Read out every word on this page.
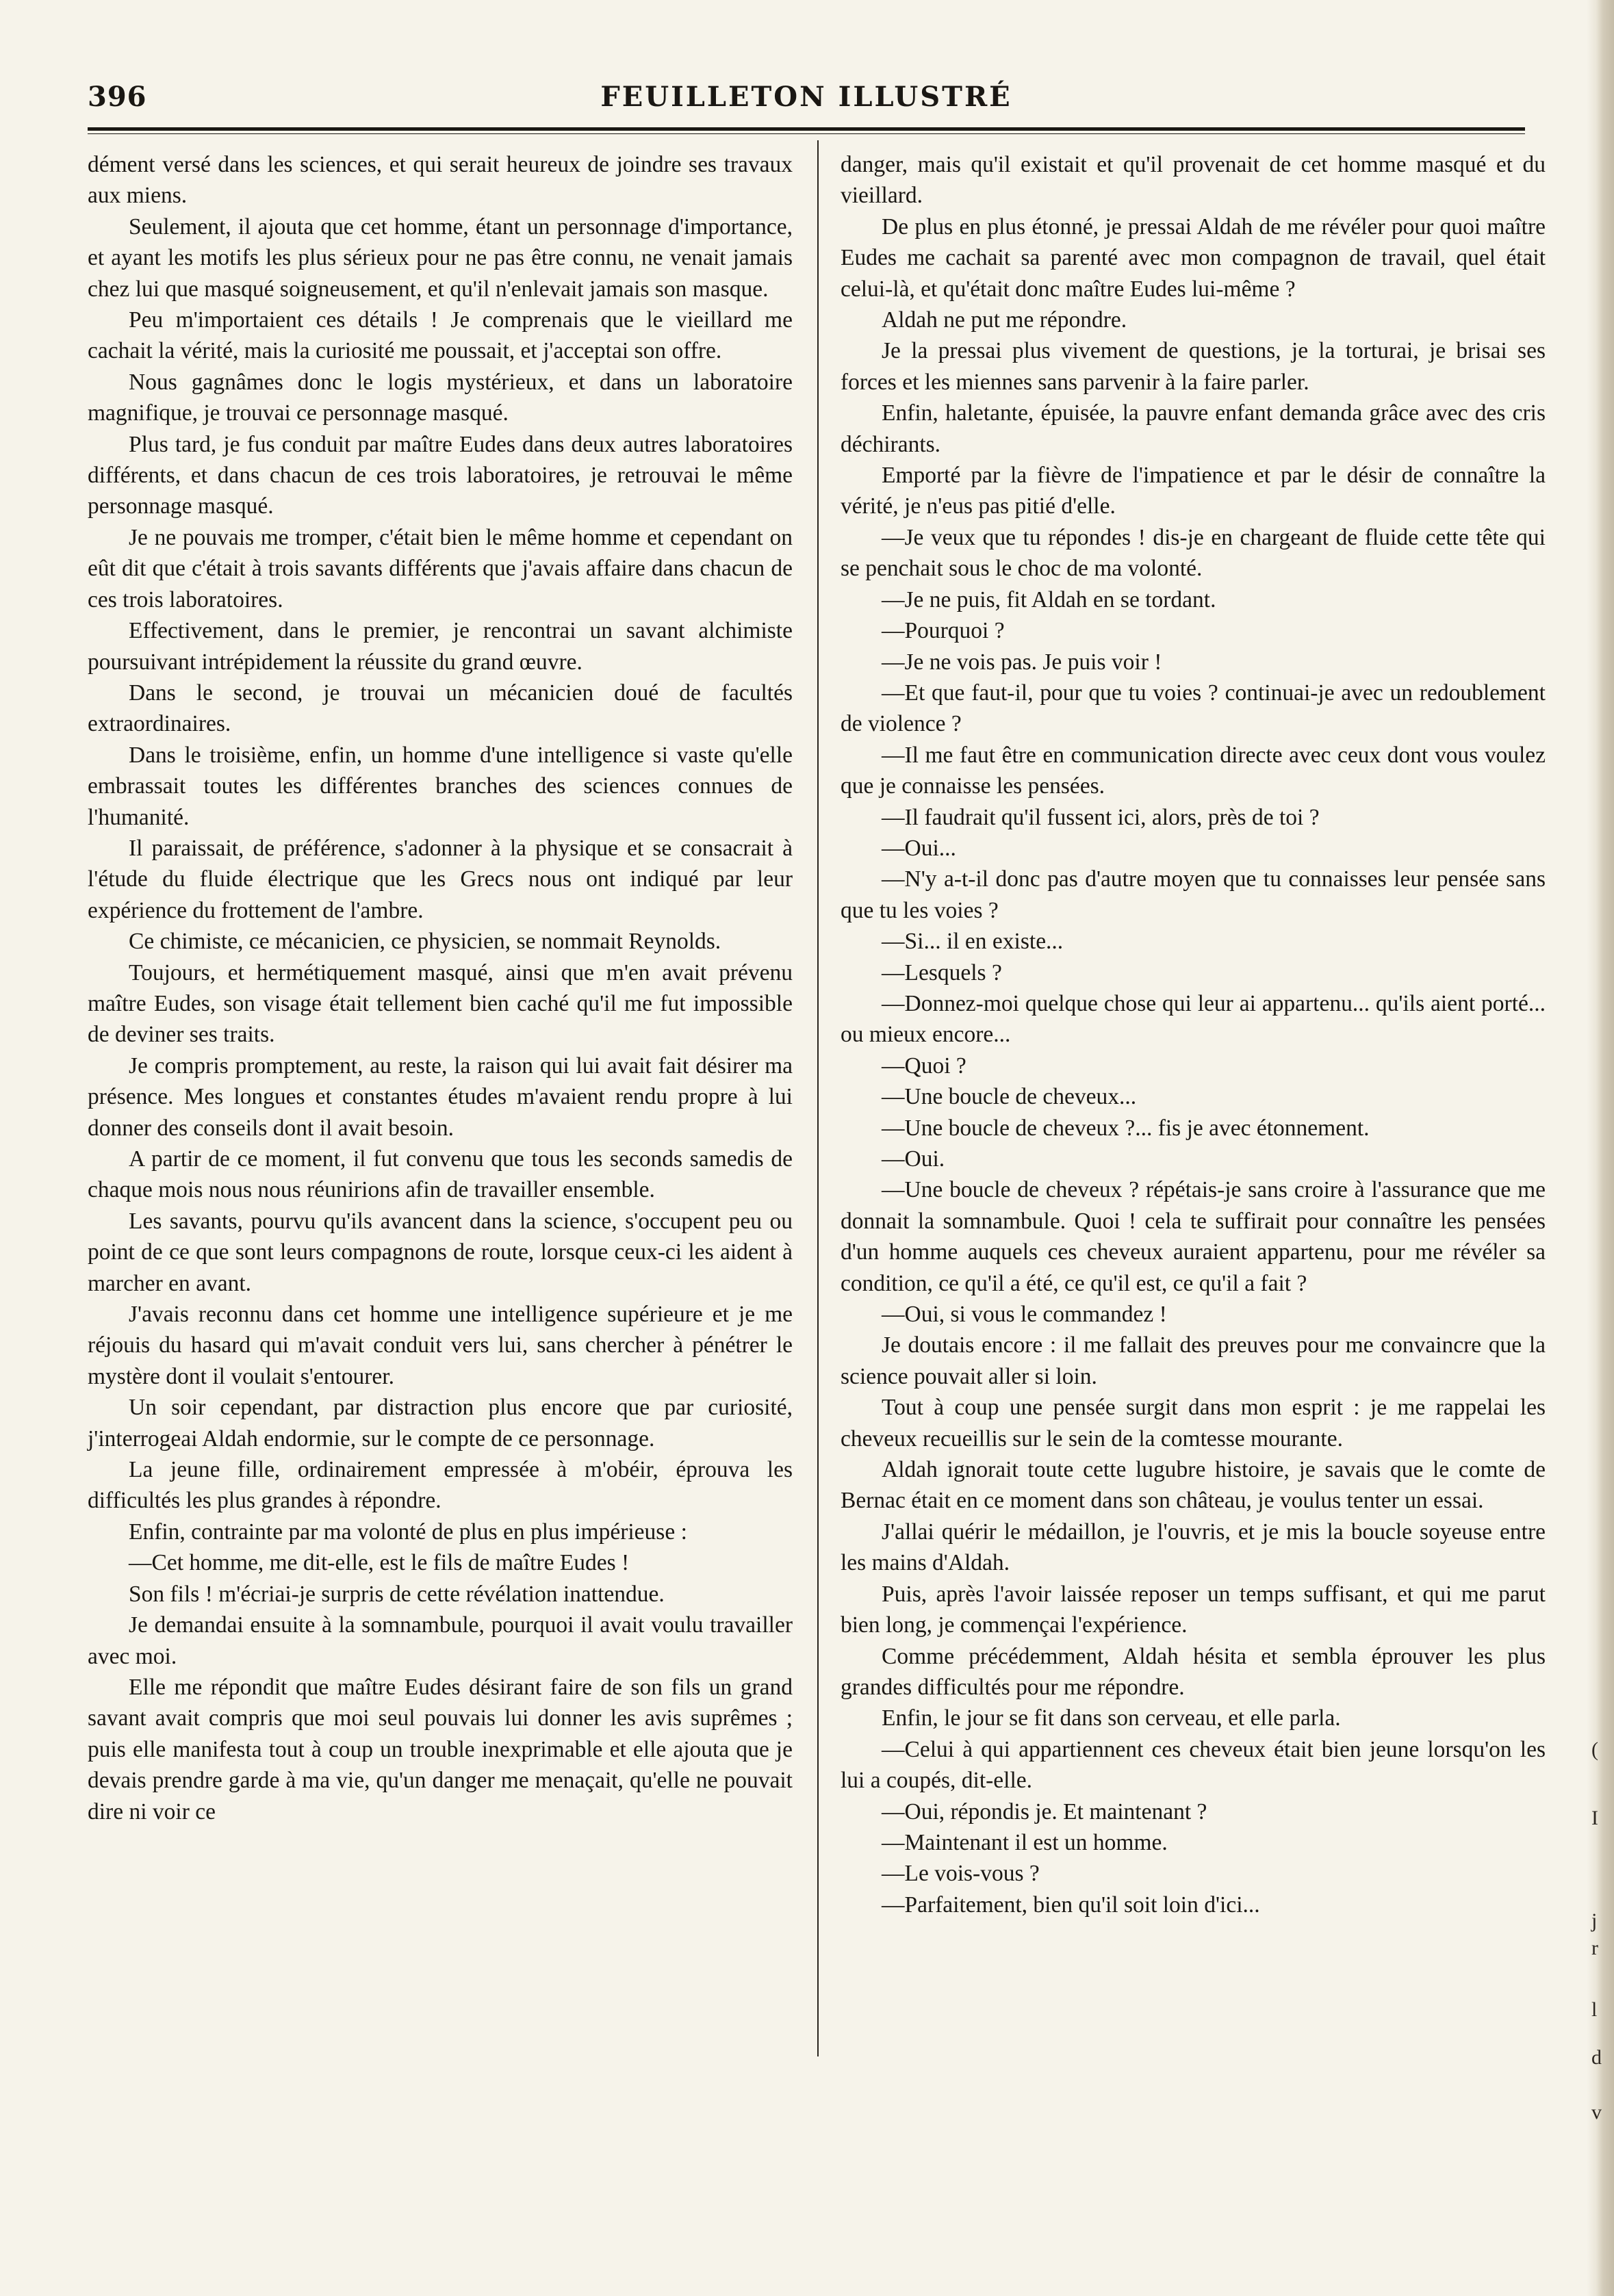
396	FEUILLETON ILLUSTRÉ

dément versé dans les sciences, et qui serait heureux de joindre ses travaux aux miens.

Seulement, il ajouta que cet homme, étant un personnage d'importance, et ayant les motifs les plus sérieux pour ne pas être connu, ne venait jamais chez lui que masqué soigneusement, et qu'il n'enlevait jamais son masque.

Peu m'importaient ces détails ! Je comprenais que le vieillard me cachait la vérité, mais la curiosité me poussait, et j'acceptai son offre.

Nous gagnâmes donc le logis mystérieux, et dans un laboratoire magnifique, je trouvai ce personnage masqué.

Plus tard, je fus conduit par maître Eudes dans deux autres laboratoires différents, et dans chacun de ces trois laboratoires, je retrouvai le même personnage masqué.

Je ne pouvais me tromper, c'était bien le même homme et cependant on eût dit que c'était à trois savants différents que j'avais affaire dans chacun de ces trois laboratoires.

Effectivement, dans le premier, je rencontrai un savant alchimiste poursuivant intrépidement la réussite du grand œuvre.

Dans le second, je trouvai un mécanicien doué de facultés extraordinaires.

Dans le troisième, enfin, un homme d'une intelligence si vaste qu'elle embrassait toutes les différentes branches des sciences connues de l'humanité.

Il paraissait, de préférence, s'adonner à la physique et se consacrait à l'étude du fluide électrique que les Grecs nous ont indiqué par leur expérience du frottement de l'ambre.

Ce chimiste, ce mécanicien, ce physicien, se nommait Reynolds.

Toujours, et hermétiquement masqué, ainsi que m'en avait prévenu maître Eudes, son visage était tellement bien caché qu'il me fut impossible de deviner ses traits.

Je compris promptement, au reste, la raison qui lui avait fait désirer ma présence. Mes longues et constantes études m'avaient rendu propre à lui donner des conseils dont il avait besoin.

A partir de ce moment, il fut convenu que tous les seconds samedis de chaque mois nous nous réunirions afin de travailler ensemble.

Les savants, pourvu qu'ils avancent dans la science, s'occupent peu ou point de ce que sont leurs compagnons de route, lorsque ceux-ci les aident à marcher en avant.

J'avais reconnu dans cet homme une intelligence supérieure et je me réjouis du hasard qui m'avait conduit vers lui, sans chercher à pénétrer le mystère dont il voulait s'entourer.

Un soir cependant, par distraction plus encore que par curiosité, j'interrogeai Aldah endormie, sur le compte de ce personnage.

La jeune fille, ordinairement empressée à m'obéir, éprouva les difficultés les plus grandes à répondre.

Enfin, contrainte par ma volonté de plus en plus impérieuse :

—Cet homme, me dit-elle, est le fils de maître Eudes !

Son fils ! m'écriai-je surpris de cette révélation inattendue.

Je demandai ensuite à la somnambule, pourquoi il avait voulu travailler avec moi.

Elle me répondit que maître Eudes désirant faire de son fils un grand savant avait compris que moi seul pouvais lui donner les avis suprêmes ; puis elle manifesta tout à coup un trouble inexprimable et elle ajouta que je devais prendre garde à ma vie, qu'un danger me menaçait, qu'elle ne pouvait dire ni voir ce

danger, mais qu'il existait et qu'il provenait de cet homme masqué et du vieillard.

De plus en plus étonné, je pressai Aldah de me révéler pour quoi maître Eudes me cachait sa parenté avec mon compagnon de travail, quel était celui-là, et qu'était donc maître Eudes lui-même ?

Aldah ne put me répondre.

Je la pressai plus vivement de questions, je la torturai, je brisai ses forces et les miennes sans parvenir à la faire parler.

Enfin, haletante, épuisée, la pauvre enfant demanda grâce avec des cris déchirants.

Emporté par la fièvre de l'impatience et par le désir de connaître la vérité, je n'eus pas pitié d'elle.

—Je veux que tu répondes ! dis-je en chargeant de fluide cette tête qui se penchait sous le choc de ma volonté.

—Je ne puis, fit Aldah en se tordant.

—Pourquoi ?

—Je ne vois pas. Je puis voir !

—Et que faut-il, pour que tu voies ? continuai-je avec un redoublement de violence ?

—Il me faut être en communication directe avec ceux dont vous voulez que je connaisse les pensées.

—Il faudrait qu'il fussent ici, alors, près de toi ?

—Oui...

—N'y a-t-il donc pas d'autre moyen que tu connaisses leur pensée sans que tu les voies ?

—Si... il en existe...

—Lesquels ?

—Donnez-moi quelque chose qui leur ai appartenu... qu'ils aient porté... ou mieux encore...

—Quoi ?

—Une boucle de cheveux...

—Une boucle de cheveux ?... fis je avec étonnement.

—Oui.

—Une boucle de cheveux ? répétais-je sans croire à l'assurance que me donnait la somnambule. Quoi ! cela te suffirait pour connaître les pensées d'un homme auquels ces cheveux auraient appartenu, pour me révéler sa condition, ce qu'il a été, ce qu'il est, ce qu'il a fait ?

—Oui, si vous le commandez !

Je doutais encore : il me fallait des preuves pour me convaincre que la science pouvait aller si loin.

Tout à coup une pensée surgit dans mon esprit : je me rappelai les cheveux recueillis sur le sein de la comtesse mourante.

Aldah ignorait toute cette lugubre histoire, je savais que le comte de Bernac était en ce moment dans son château, je voulus tenter un essai.

J'allai quérir le médaillon, je l'ouvris, et je mis la boucle soyeuse entre les mains d'Aldah.

Puis, après l'avoir laissée reposer un temps suffisant, et qui me parut bien long, je commençai l'expérience.

Comme précédemment, Aldah hésita et sembla éprouver les plus grandes difficultés pour me répondre.

Enfin, le jour se fit dans son cerveau, et elle parla.

—Celui à qui appartiennent ces cheveux était bien jeune lorsqu'on les lui a coupés, dit-elle.

—Oui, répondis je. Et maintenant ?

—Maintenant il est un homme.

—Le vois-vous ?

—Parfaitement, bien qu'il soit loin d'ici...

(
I
j
r
l
d
v
